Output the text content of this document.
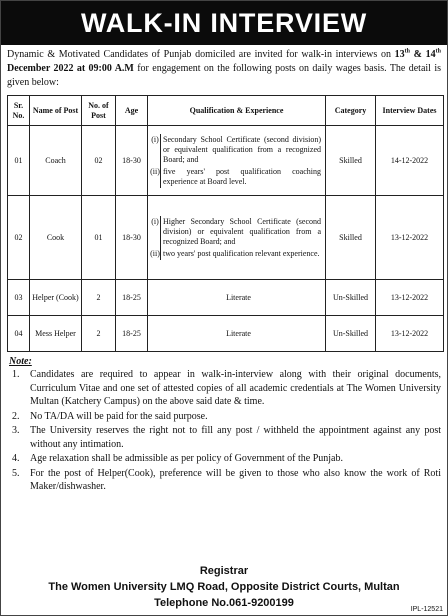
WALK-IN INTERVIEW

Dynamic & Motivated Candidates of Punjab domiciled are invited for walk-in interviews on 13th & 14th December 2022 at 09:00 A.M for engagement on the following posts on daily wages basis. The detail is given below:

Sr. No.	Name of Post	No. of Post	Age	Qualification & Experience	Category	Interview Dates
01	Coach	02	18-30	(i) Secondary School Certificate (second division) or equivalent qualification from a recognized Board; and
(ii) five years' post qualification coaching experience at Board level.	Skilled	14-12-2022
02	Cook	01	18-30	(i) Higher Secondary School Certificate (second division) or equivalent qualification from a recognized Board; and
(ii) two years' post qualification relevant experience.	Skilled	13-12-2022
03	Helper (Cook)	2	18-25	Literate	Un-Skilled	13-12-2022
04	Mess Helper	2	18-25	Literate	Un-Skilled	13-12-2022
Note:
1.	Candidates are required to appear in walk-in-interview along with their original documents, Curriculum Vitae and one set of attested copies of all academic credentials at The Women University Multan (Katchery Campus) on the above said date & time.
2.	No TA/DA will be paid for the said purpose.
3.	The University reserves the right not to fill any post / withheld the appointment against any post without any intimation.
4.	Age relaxation shall be admissible as per policy of Government of the Punjab.
5.	For the post of Helper(Cook), preference will be given to those who also know the work of Roti Maker/dishwasher.
Registrar
The Women University LMQ Road, Opposite District Courts, Multan
Telephone No.061-9200199
IPL-12521
